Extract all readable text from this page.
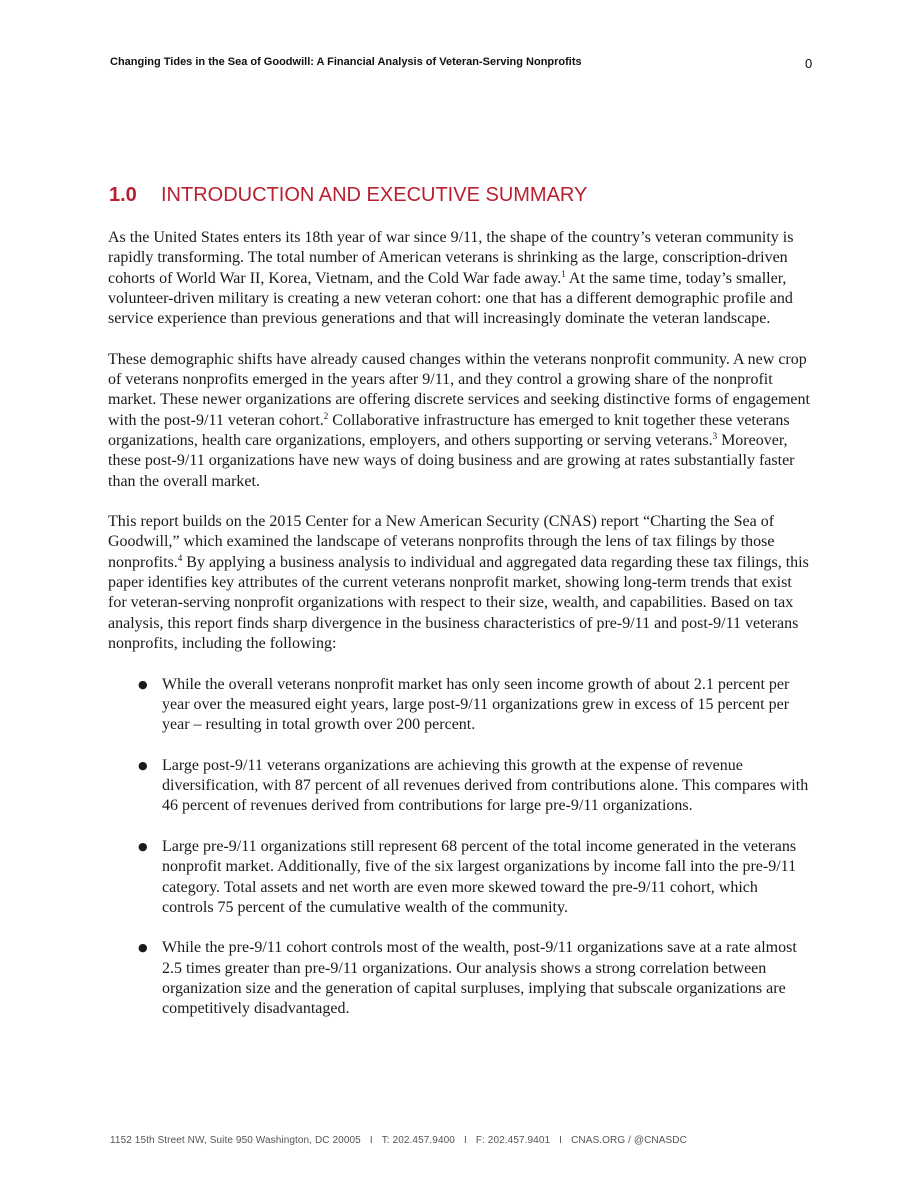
Changing Tides in the Sea of Goodwill: A Financial Analysis of Veteran-Serving Nonprofits	0
1.0 INTRODUCTION AND EXECUTIVE SUMMARY

As the United States enters its 18th year of war since 9/11, the shape of the country’s veteran community is rapidly transforming. The total number of American veterans is shrinking as the large, conscription-driven cohorts of World War II, Korea, Vietnam, and the Cold War fade away.$^1$ At the same time, today’s smaller, volunteer-driven military is creating a new veteran cohort: one that has a different demographic profile and service experience than previous generations and that will increasingly dominate the veteran landscape.

These demographic shifts have already caused changes within the veterans nonprofit community. A new crop of veterans nonprofits emerged in the years after 9/11, and they control a growing share of the nonprofit market. These newer organizations are offering discrete services and seeking distinctive forms of engagement with the post-9/11 veteran cohort.$^2$ Collaborative infrastructure has emerged to knit together these veterans organizations, health care organizations, employers, and others supporting or serving veterans.$^3$ Moreover, these post-9/11 organizations have new ways of doing business and are growing at rates substantially faster than the overall market.

This report builds on the 2015 Center for a New American Security (CNAS) report “Charting the Sea of Goodwill,” which examined the landscape of veterans nonprofits through the lens of tax filings by those nonprofits.$^4$ By applying a business analysis to individual and aggregated data regarding these tax filings, this paper identifies key attributes of the current veterans nonprofit market, showing long-term trends that exist for veteran-serving nonprofit organizations with respect to their size, wealth, and capabilities. Based on tax analysis, this report finds sharp divergence in the business characteristics of pre-9/11 and post-9/11 veterans nonprofits, including the following:

● While the overall veterans nonprofit market has only seen income growth of about 2.1 percent per year over the measured eight years, large post-9/11 organizations grew in excess of 15 percent per year – resulting in total growth over 200 percent.
● Large post-9/11 veterans organizations are achieving this growth at the expense of revenue diversification, with 87 percent of all revenues derived from contributions alone. This compares with 46 percent of revenues derived from contributions for large pre-9/11 organizations.
● Large pre-9/11 organizations still represent 68 percent of the total income generated in the veterans nonprofit market. Additionally, five of the six largest organizations by income fall into the pre-9/11 category. Total assets and net worth are even more skewed toward the pre-9/11 cohort, which controls 75 percent of the cumulative wealth of the community.
● While the pre-9/11 cohort controls most of the wealth, post-9/11 organizations save at a rate almost 2.5 times greater than pre-9/11 organizations. Our analysis shows a strong correlation between organization size and the generation of capital surpluses, implying that subscale organizations are competitively disadvantaged.
1152 15th Street NW, Suite 950 Washington, DC 20005 I T: 202.457.9400 I F: 202.457.9401 I CNAS.ORG / @CNASDC
